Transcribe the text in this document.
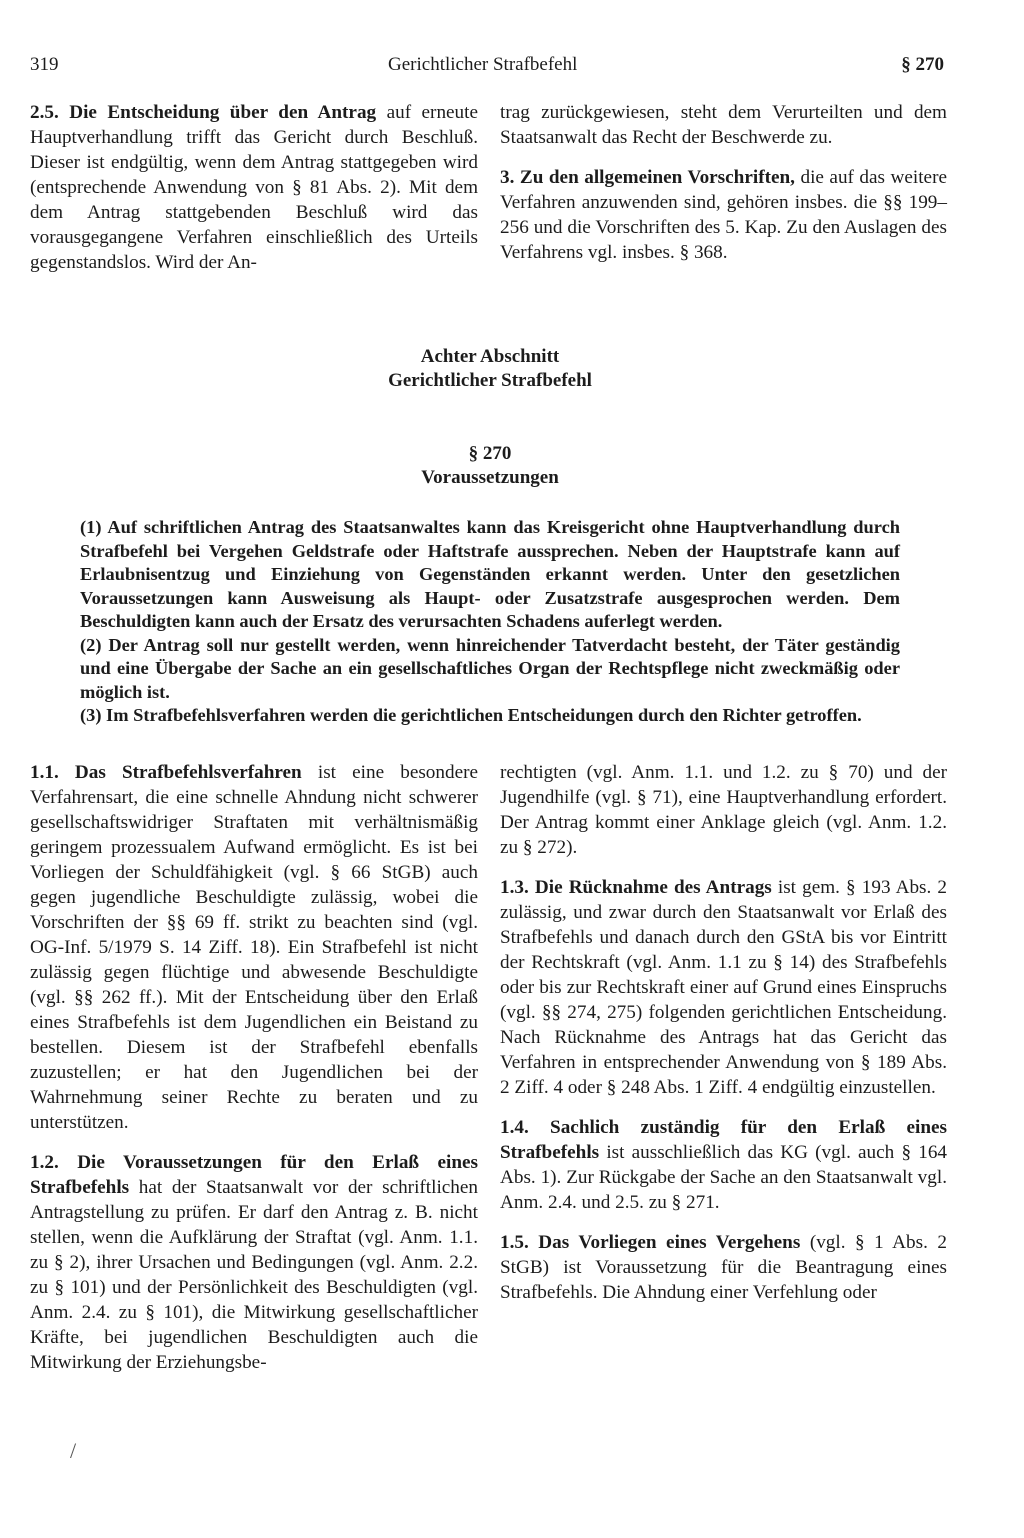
319	Gerichtlicher Strafbefehl	§ 270

2.5. Die Entscheidung über den Antrag auf erneute Hauptverhandlung trifft das Gericht durch Beschluß. Dieser ist endgültig, wenn dem Antrag stattgegeben wird (entsprechende Anwendung von § 81 Abs. 2). Mit dem dem Antrag stattgebenden Beschluß wird das vorausgegangene Verfahren einschließlich des Urteils gegenstandslos. Wird der An-

trag zurückgewiesen, steht dem Verurteilten und dem Staatsanwalt das Recht der Beschwerde zu.

3. Zu den allgemeinen Vorschriften, die auf das weitere Verfahren anzuwenden sind, gehören insbes. die §§ 199–256 und die Vorschriften des 5. Kap. Zu den Auslagen des Verfahrens vgl. insbes. § 368.

Achter Abschnitt
Gerichtlicher Strafbefehl
§ 270
Voraussetzungen

(1) Auf schriftlichen Antrag des Staatsanwaltes kann das Kreisgericht ohne Hauptverhandlung durch Strafbefehl bei Vergehen Geldstrafe oder Haftstrafe aussprechen. Neben der Hauptstrafe kann auf Erlaubnisentzug und Einziehung von Gegenständen erkannt werden. Unter den gesetzlichen Voraussetzungen kann Ausweisung als Haupt- oder Zusatzstrafe ausgesprochen werden. Dem Beschuldigten kann auch der Ersatz des verursachten Schadens auferlegt werden.

(2) Der Antrag soll nur gestellt werden, wenn hinreichender Tatverdacht besteht, der Täter geständig und eine Übergabe der Sache an ein gesellschaftliches Organ der Rechtspflege nicht zweckmäßig oder möglich ist.

(3) Im Strafbefehlsverfahren werden die gerichtlichen Entscheidungen durch den Richter getroffen.

1.1. Das Strafbefehlsverfahren ist eine besondere Verfahrensart, die eine schnelle Ahndung nicht schwerer gesellschaftswidriger Straftaten mit verhältnismäßig geringem prozessualem Aufwand ermöglicht. Es ist bei Vorliegen der Schuldfähigkeit (vgl. § 66 StGB) auch gegen jugendliche Beschuldigte zulässig, wobei die Vorschriften der §§ 69 ff. strikt zu beachten sind (vgl. OG-Inf. 5/1979 S. 14 Ziff. 18). Ein Strafbefehl ist nicht zulässig gegen flüchtige und abwesende Beschuldigte (vgl. §§ 262 ff.). Mit der Entscheidung über den Erlaß eines Strafbefehls ist dem Jugendlichen ein Beistand zu bestellen. Diesem ist der Strafbefehl ebenfalls zuzustellen; er hat den Jugendlichen bei der Wahrnehmung seiner Rechte zu beraten und zu unterstützen.

1.2. Die Voraussetzungen für den Erlaß eines Strafbefehls hat der Staatsanwalt vor der schriftlichen Antragstellung zu prüfen. Er darf den Antrag z. B. nicht stellen, wenn die Aufklärung der Straftat (vgl. Anm. 1.1. zu § 2), ihrer Ursachen und Bedingungen (vgl. Anm. 2.2. zu § 101) und der Persönlichkeit des Beschuldigten (vgl. Anm. 2.4. zu § 101), die Mitwirkung gesellschaftlicher Kräfte, bei jugendlichen Beschuldigten auch die Mitwirkung der Erziehungsbe-

rechtigten (vgl. Anm. 1.1. und 1.2. zu § 70) und der Jugendhilfe (vgl. § 71), eine Hauptverhandlung erfordert. Der Antrag kommt einer Anklage gleich (vgl. Anm. 1.2. zu § 272).

1.3. Die Rücknahme des Antrags ist gem. § 193 Abs. 2 zulässig, und zwar durch den Staatsanwalt vor Erlaß des Strafbefehls und danach durch den GStA bis vor Eintritt der Rechtskraft (vgl. Anm. 1.1 zu § 14) des Strafbefehls oder bis zur Rechtskraft einer auf Grund eines Einspruchs (vgl. §§ 274, 275) folgenden gerichtlichen Entscheidung. Nach Rücknahme des Antrags hat das Gericht das Verfahren in entsprechender Anwendung von § 189 Abs. 2 Ziff. 4 oder § 248 Abs. 1 Ziff. 4 endgültig einzustellen.

1.4. Sachlich zuständig für den Erlaß eines Strafbefehls ist ausschließlich das KG (vgl. auch § 164 Abs. 1). Zur Rückgabe der Sache an den Staatsanwalt vgl. Anm. 2.4. und 2.5. zu § 271.

1.5. Das Vorliegen eines Vergehens (vgl. § 1 Abs. 2 StGB) ist Voraussetzung für die Beantragung eines Strafbefehls. Die Ahndung einer Verfehlung oder

/
